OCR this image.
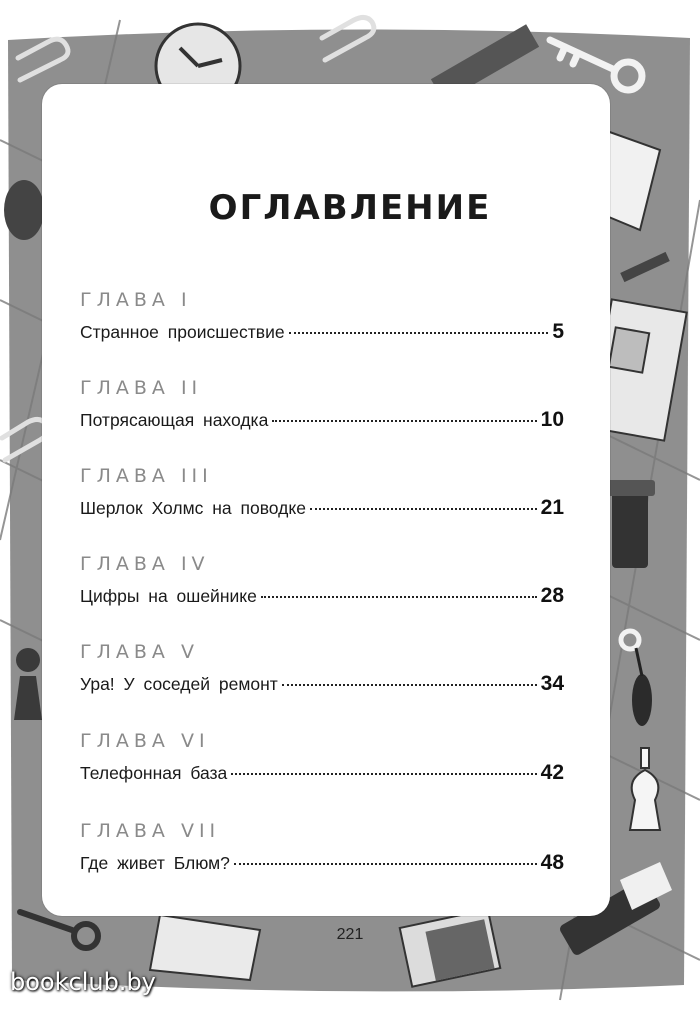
ОГЛАВЛЕНИЕ
ГЛАВА I
Странное происшествие	5
ГЛАВА II
Потрясающая находка	10
ГЛАВА III
Шерлок Холмс на поводке	21
ГЛАВА IV
Цифры на ошейнике	28
ГЛАВА V
Ура! У соседей ремонт	34
ГЛАВА VI
Телефонная база	42
ГЛАВА VII
Где живет Блюм?	48
221
bookclub.by
